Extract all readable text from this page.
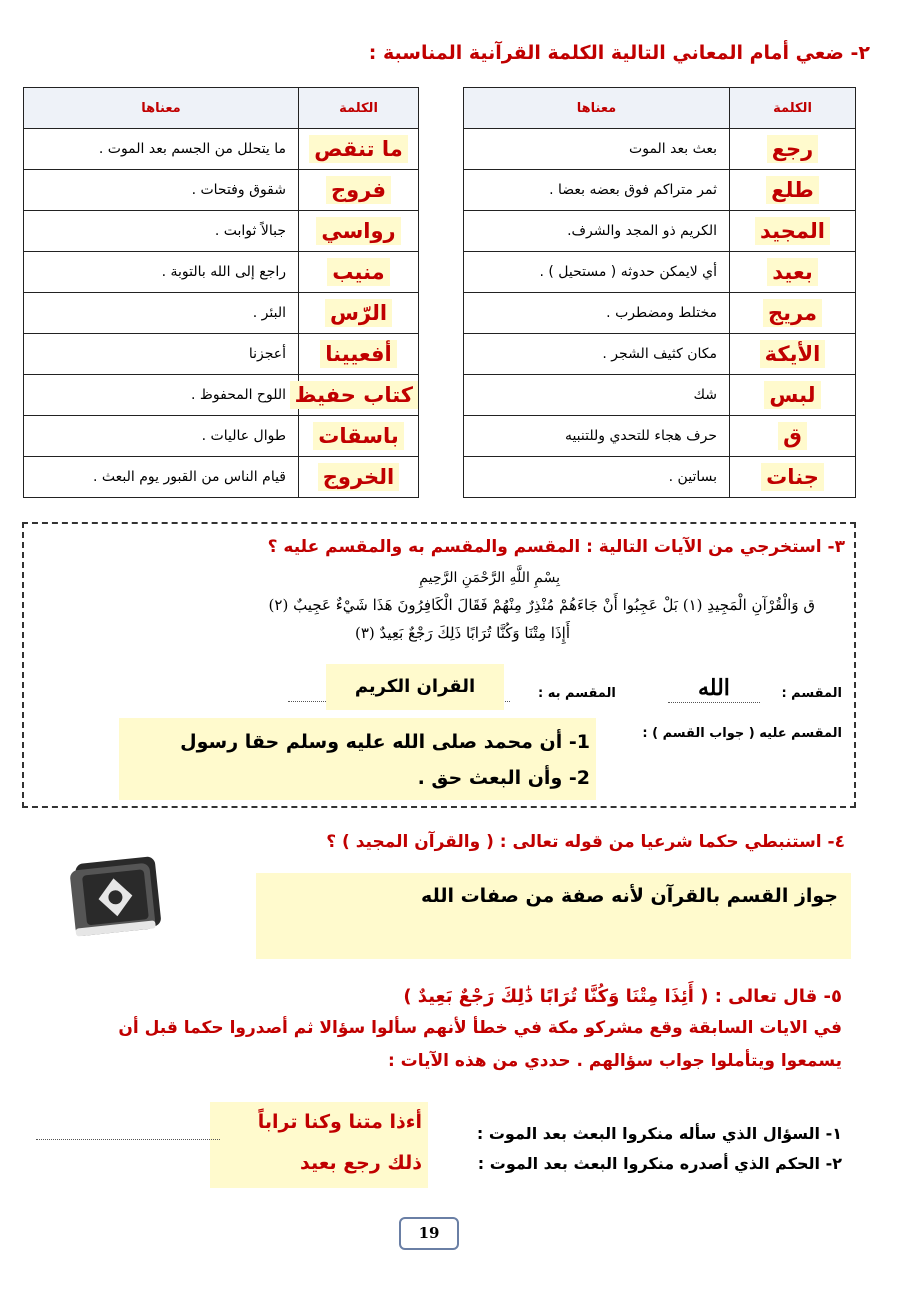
٢- ضعي أمام المعاني التالية الكلمة القرآنية المناسبة :
الكلمة	معناها
رجع	بعث بعد الموت
طلع	ثمر متراكم فوق بعضه بعضا .
المجيد	الكريم ذو المجد والشرف.
بعيد	أي لايمكن حدوثه ( مستحيل ) .
مريج	مختلط ومضطرب .
الأيكة	مكان كثيف الشجر .
لبس	شك
ق	حرف هجاء للتحدي وللتنبيه
جنات	بساتين .
الكلمة	معناها
ما تنقص	ما يتحلل من الجسم بعد الموت .
فروج	شقوق وفتحات .
رواسي	جبالاً ثوابت .
منيب	راجع إلى الله بالتوبة .
الرّس	البئر .
أفعيينا	أعجزنا
كتاب حفيظ	اللوح المحفوظ .
باسقات	طوال عاليات .
الخروج	قيام الناس من القبور يوم البعث .
٣- استخرجي من الآيات التالية : المقسم والمقسم به والمقسم عليه ؟
بِسْمِ اللَّهِ الرَّحْمَنِ الرَّحِيمِ
ق وَالْقُرْآنِ الْمَجِيدِ (١) بَلْ عَجِبُوا أَنْ جَاءَهُمْ مُنْذِرٌ مِنْهُمْ فَقَالَ الْكَافِرُونَ هَذَا شَيْءٌ عَجِيبٌ (٢)
أَإِذَا مِتْنَا وَكُنَّا تُرَابًا ذَلِكَ رَجْعٌ بَعِيدٌ (٣)
المقسم :
الله
المقسم به :
القران الكريم
المقسم عليه ( جواب القسم ) :
1- أن محمد صلى الله عليه وسلم حقا رسول
2- وأن البعث حق .
٤- استنبطي حكما شرعيا من قوله تعالى : ( والقرآن المجيد ) ؟
جواز القسم بالقرآن لأنه صفة من صفات الله
٥- قال تعالى : ( أَئِذَا مِتْنَا وَكُنَّا تُرَابًا ذَٰلِكَ رَجْعٌ بَعِيدٌ )
في الايات السابقة وقع مشركو مكة في خطأ لأنهم سألوا سؤالا ثم أصدروا حكما قبل أن
يسمعوا ويتأملوا جواب سؤالهم . حددي من هذه الآيات :
١- السؤال الذي سأله منكروا البعث بعد الموت :
أءذا متنا وكنا تراباً
٢- الحكم الذي أصدره منكروا البعث بعد الموت :
ذلك رجع بعيد
19
